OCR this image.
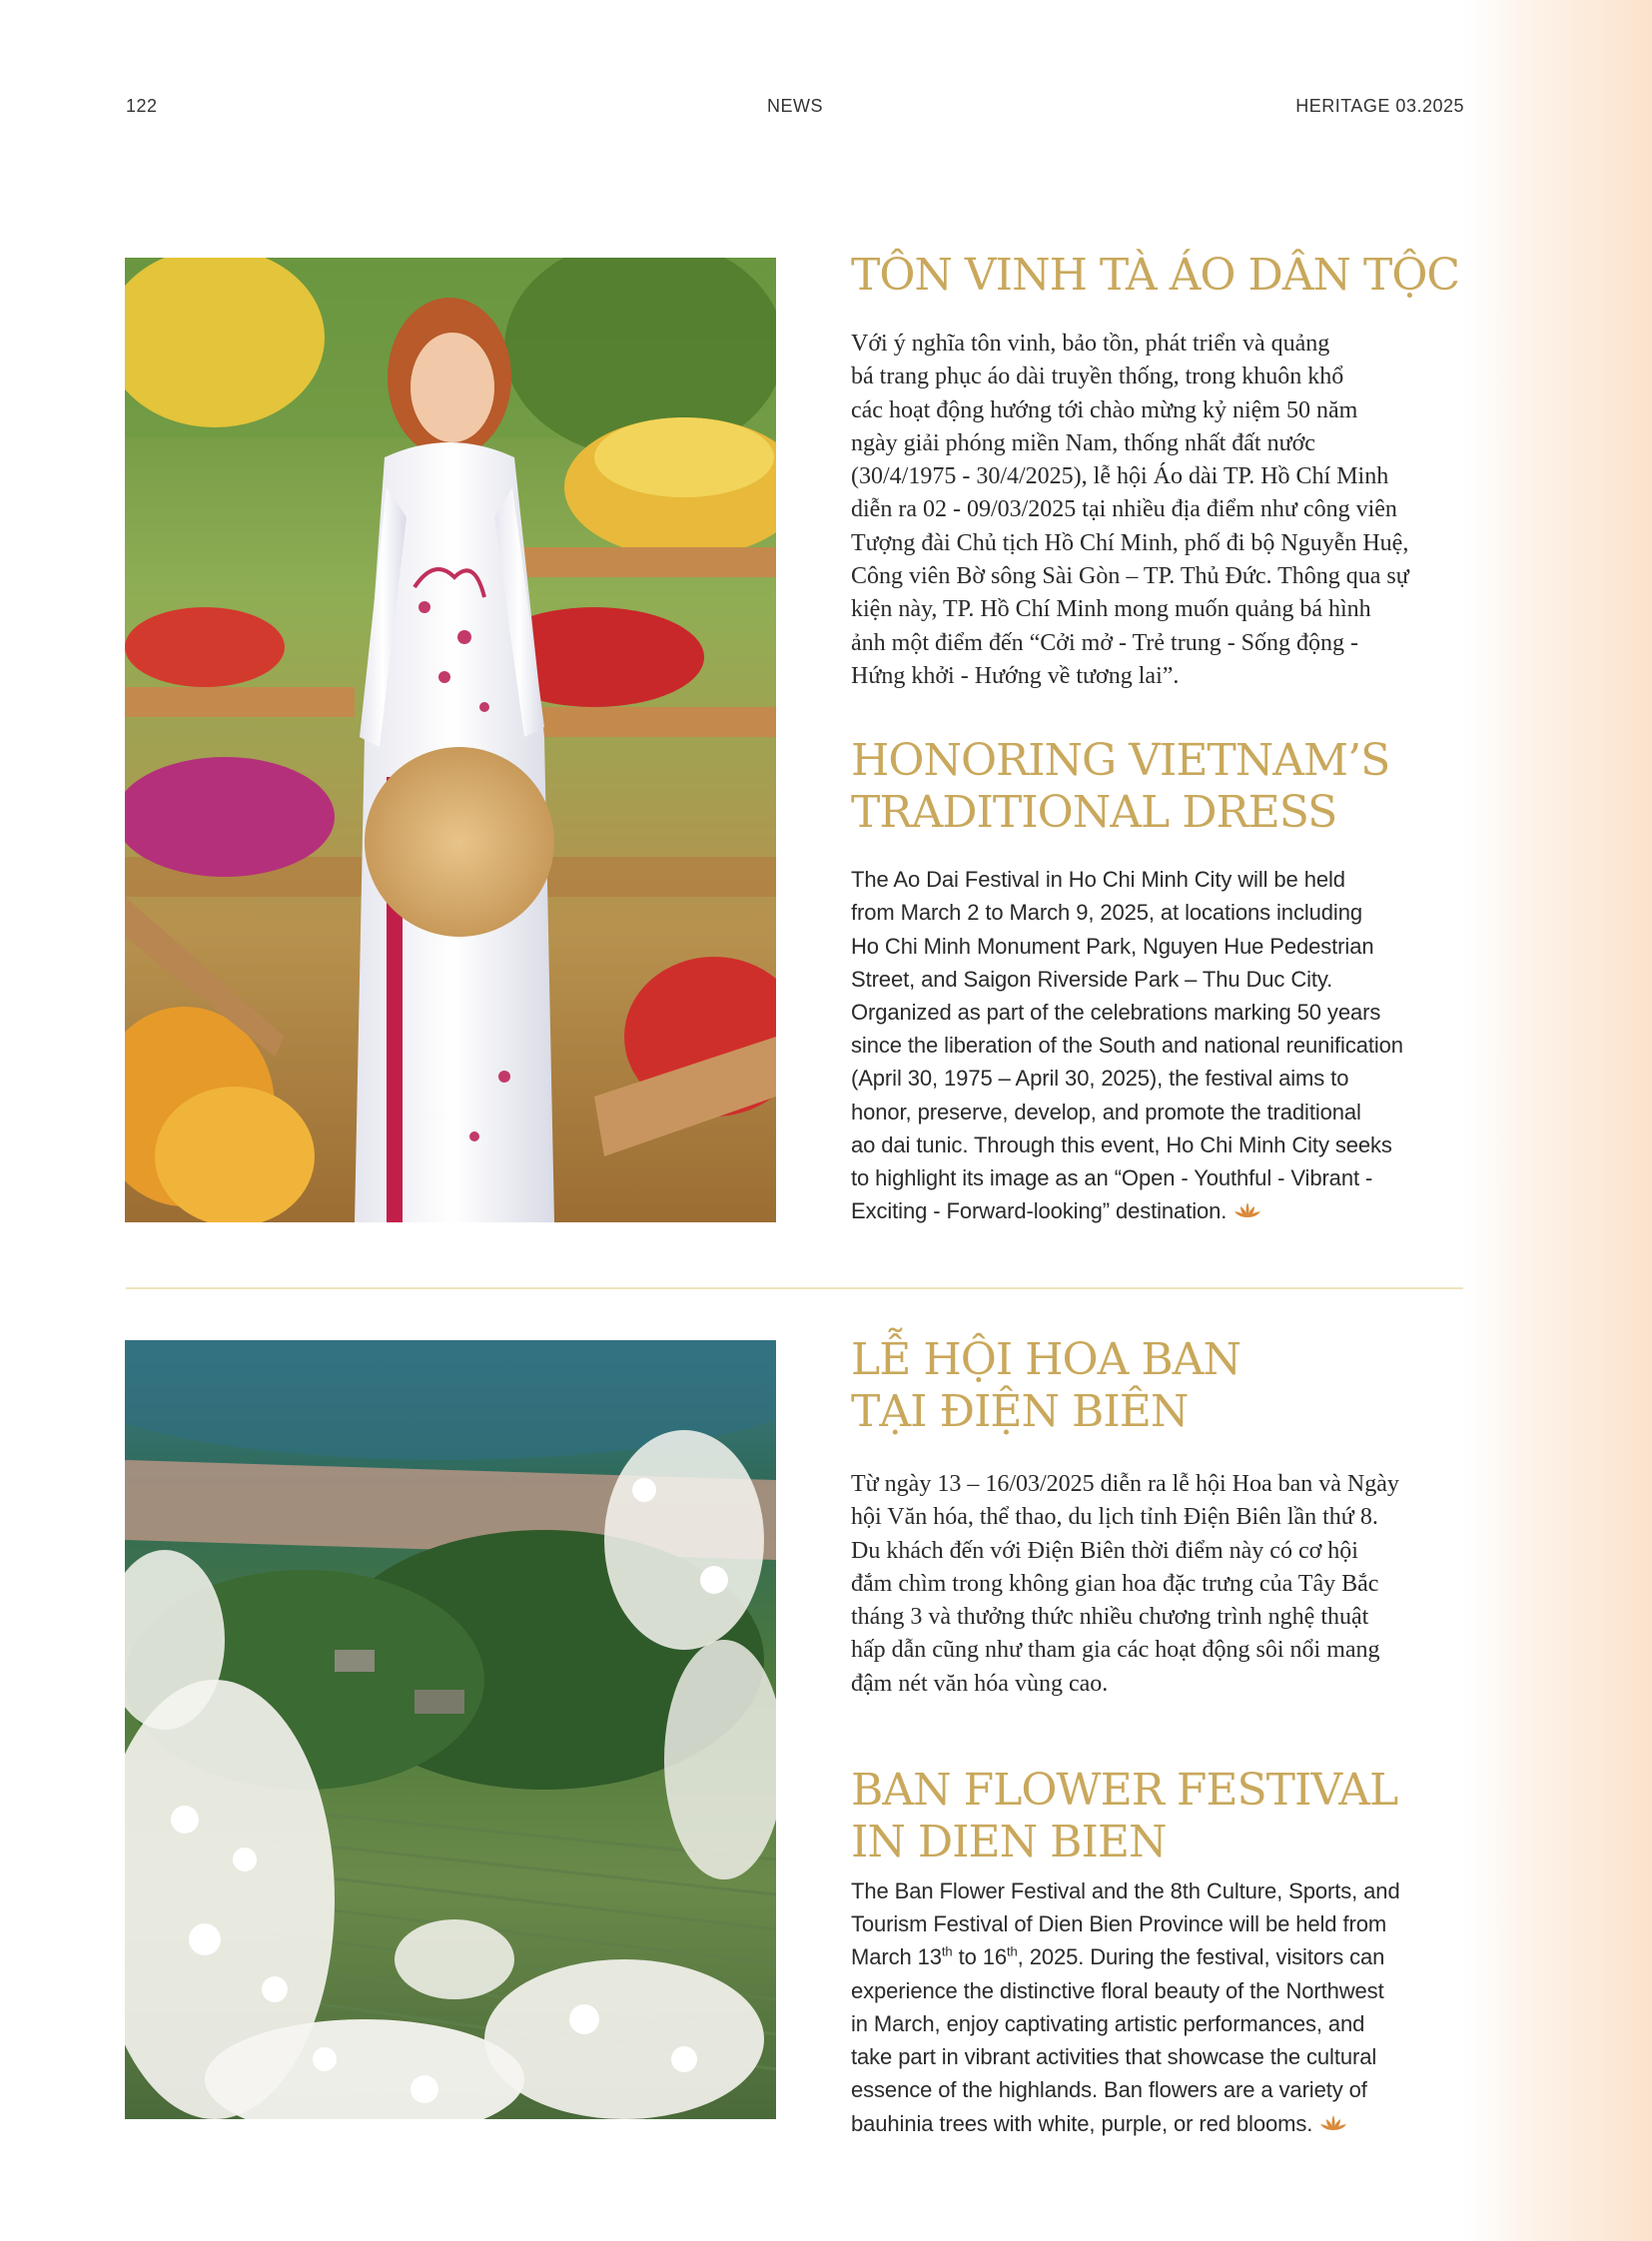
122	NEWS	HERITAGE 03.2025
TÔN VINH TÀ ÁO DÂN TỘC

Với ý nghĩa tôn vinh, bảo tồn, phát triển và quảng
bá trang phục áo dài truyền thống, trong khuôn khổ
các hoạt động hướng tới chào mừng kỷ niệm 50 năm
ngày giải phóng miền Nam, thống nhất đất nước
(30/4/1975 - 30/4/2025), lễ hội Áo dài TP. Hồ Chí Minh
diễn ra 02 - 09/03/2025 tại nhiều địa điểm như công viên
Tượng đài Chủ tịch Hồ Chí Minh, phố đi bộ Nguyễn Huệ,
Công viên Bờ sông Sài Gòn – TP. Thủ Đức. Thông qua sự
kiện này, TP. Hồ Chí Minh mong muốn quảng bá hình
ảnh một điểm đến “Cởi mở - Trẻ trung - Sống động -
Hứng khởi - Hướng về tương lai”.

HONORING VIETNAM’S
TRADITIONAL DRESS

The Ao Dai Festival in Ho Chi Minh City will be held
from March 2 to March 9, 2025, at locations including
Ho Chi Minh Monument Park, Nguyen Hue Pedestrian
Street, and Saigon Riverside Park – Thu Duc City.
Organized as part of the celebrations marking 50 years
since the liberation of the South and national reunification
(April 30, 1975 – April 30, 2025), the festival aims to
honor, preserve, develop, and promote the traditional
ao dai tunic. Through this event, Ho Chi Minh City seeks
to highlight its image as an “Open - Youthful - Vibrant -
Exciting - Forward-looking” destination.

LỄ HỘI HOA BAN
TẠI ĐIỆN BIÊN

Từ ngày 13 – 16/03/2025 diễn ra lễ hội Hoa ban và Ngày
hội Văn hóa, thể thao, du lịch tỉnh Điện Biên lần thứ 8.
Du khách đến với Điện Biên thời điểm này có cơ hội
đắm chìm trong không gian hoa đặc trưng của Tây Bắc
tháng 3 và thưởng thức nhiều chương trình nghệ thuật
hấp dẫn cũng như tham gia các hoạt động sôi nổi mang
đậm nét văn hóa vùng cao.

BAN FLOWER FESTIVAL
IN DIEN BIEN

The Ban Flower Festival and the 8th Culture, Sports, and
Tourism Festival of Dien Bien Province will be held from
March 13th to 16th, 2025. During the festival, visitors can
experience the distinctive floral beauty of the Northwest
in March, enjoy captivating artistic performances, and
take part in vibrant activities that showcase the cultural
essence of the highlands. Ban flowers are a variety of
bauhinia trees with white, purple, or red blooms.
